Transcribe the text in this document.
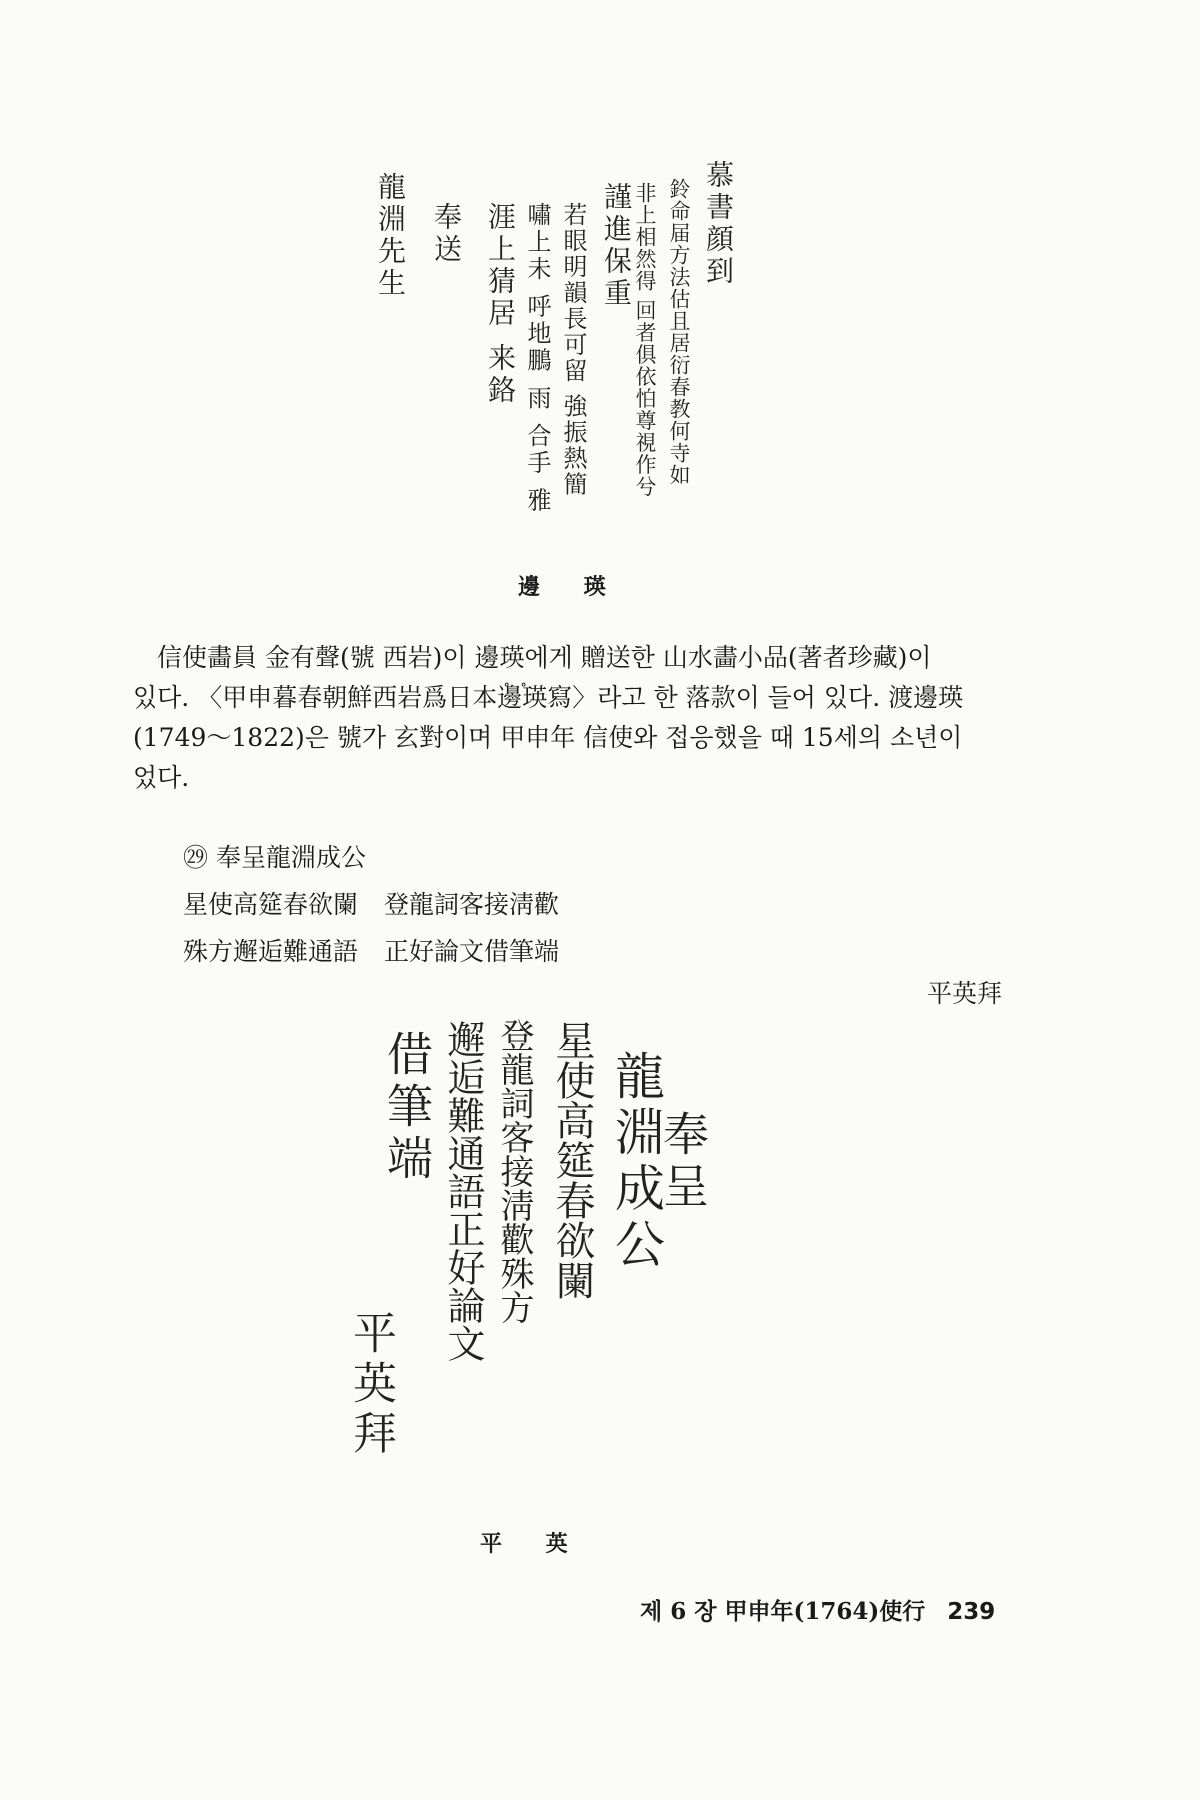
慕書顔到
鈴命届方法估且居衍春教何寺如
非上相然得 回者俱依怕尊視作兮
謹進保重
若眼明韻長可留 強振熱簡
嘯上未 呼地鵬 雨 合手 雅
涯上猜居 来鉻
奉送
龍淵先生
邊 瑛
信使畵員 金有聲(號 西岩)이 邊瑛에게 贈送한 山水畵小品(著者珍藏)이
있다. 〈甲申暮春朝鮮西岩爲日本∘∘ 邊瑛寫〉라고 한 落款이 들어 있다. 渡邊瑛
(1749～1822)은 號가 玄對이며 甲申年 信使와 접응했을 때 15세의 소년이
었다.
㉙ 奉呈龍淵成公
星使高筵春欲闌 登龍詞客接淸歡
殊方邂逅難通語 正好論文借筆端
平英拜
奉呈
龍淵成公
星使高筵春欲闌
登龍詞客接淸歡殊方
邂逅難通語正好論文
借筆端
平英拜
平 英
제 6 장 甲申年(1764)使行 239
